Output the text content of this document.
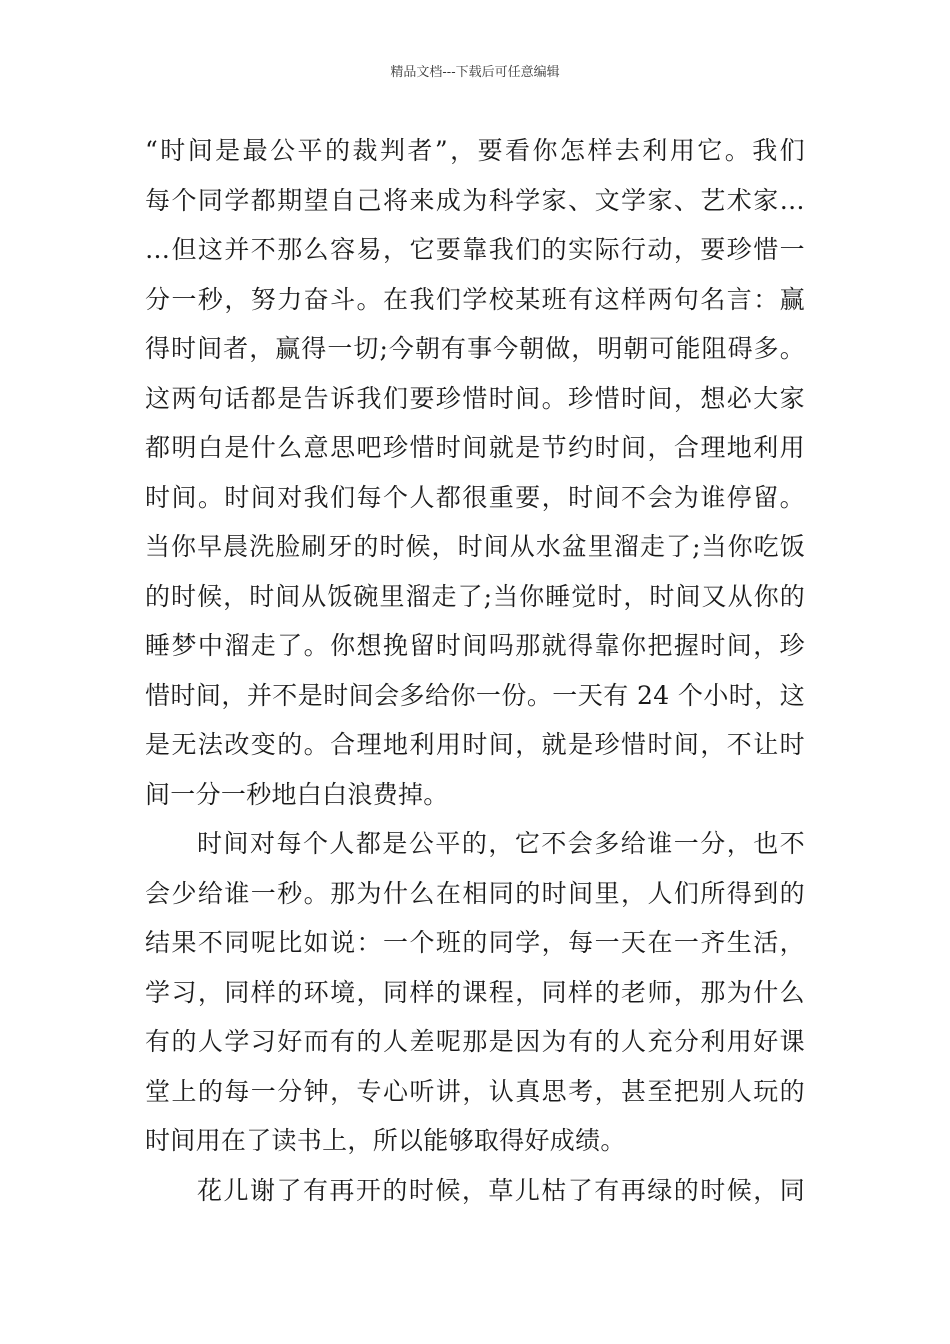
精品文档---下载后可任意编辑
“时间是最公平的裁判者”，要看你怎样去利用它。我们
每个同学都期望自己将来成为科学家、文学家、艺术家…
…但这并不那么容易，它要靠我们的实际行动，要珍惜一
分一秒，努力奋斗。在我们学校某班有这样两句名言：赢
得时间者，赢得一切;今朝有事今朝做，明朝可能阻碍多。
这两句话都是告诉我们要珍惜时间。珍惜时间，想必大家
都明白是什么意思吧珍惜时间就是节约时间，合理地利用
时间。时间对我们每个人都很重要，时间不会为谁停留。
当你早晨洗脸刷牙的时候，时间从水盆里溜走了;当你吃饭
的时候，时间从饭碗里溜走了;当你睡觉时，时间又从你的
睡梦中溜走了。你想挽留时间吗那就得靠你把握时间，珍
惜时间，并不是时间会多给你一份。一天有 24 个小时，这
是无法改变的。合理地利用时间，就是珍惜时间，不让时
间一分一秒地白白浪费掉。
时间对每个人都是公平的，它不会多给谁一分，也不
会少给谁一秒。那为什么在相同的时间里，人们所得到的
结果不同呢比如说：一个班的同学，每一天在一齐生活，
学习，同样的环境，同样的课程，同样的老师，那为什么
有的人学习好而有的人差呢那是因为有的人充分利用好课
堂上的每一分钟，专心听讲，认真思考，甚至把别人玩的
时间用在了读书上，所以能够取得好成绩。
花儿谢了有再开的时候，草儿枯了有再绿的时候，同
